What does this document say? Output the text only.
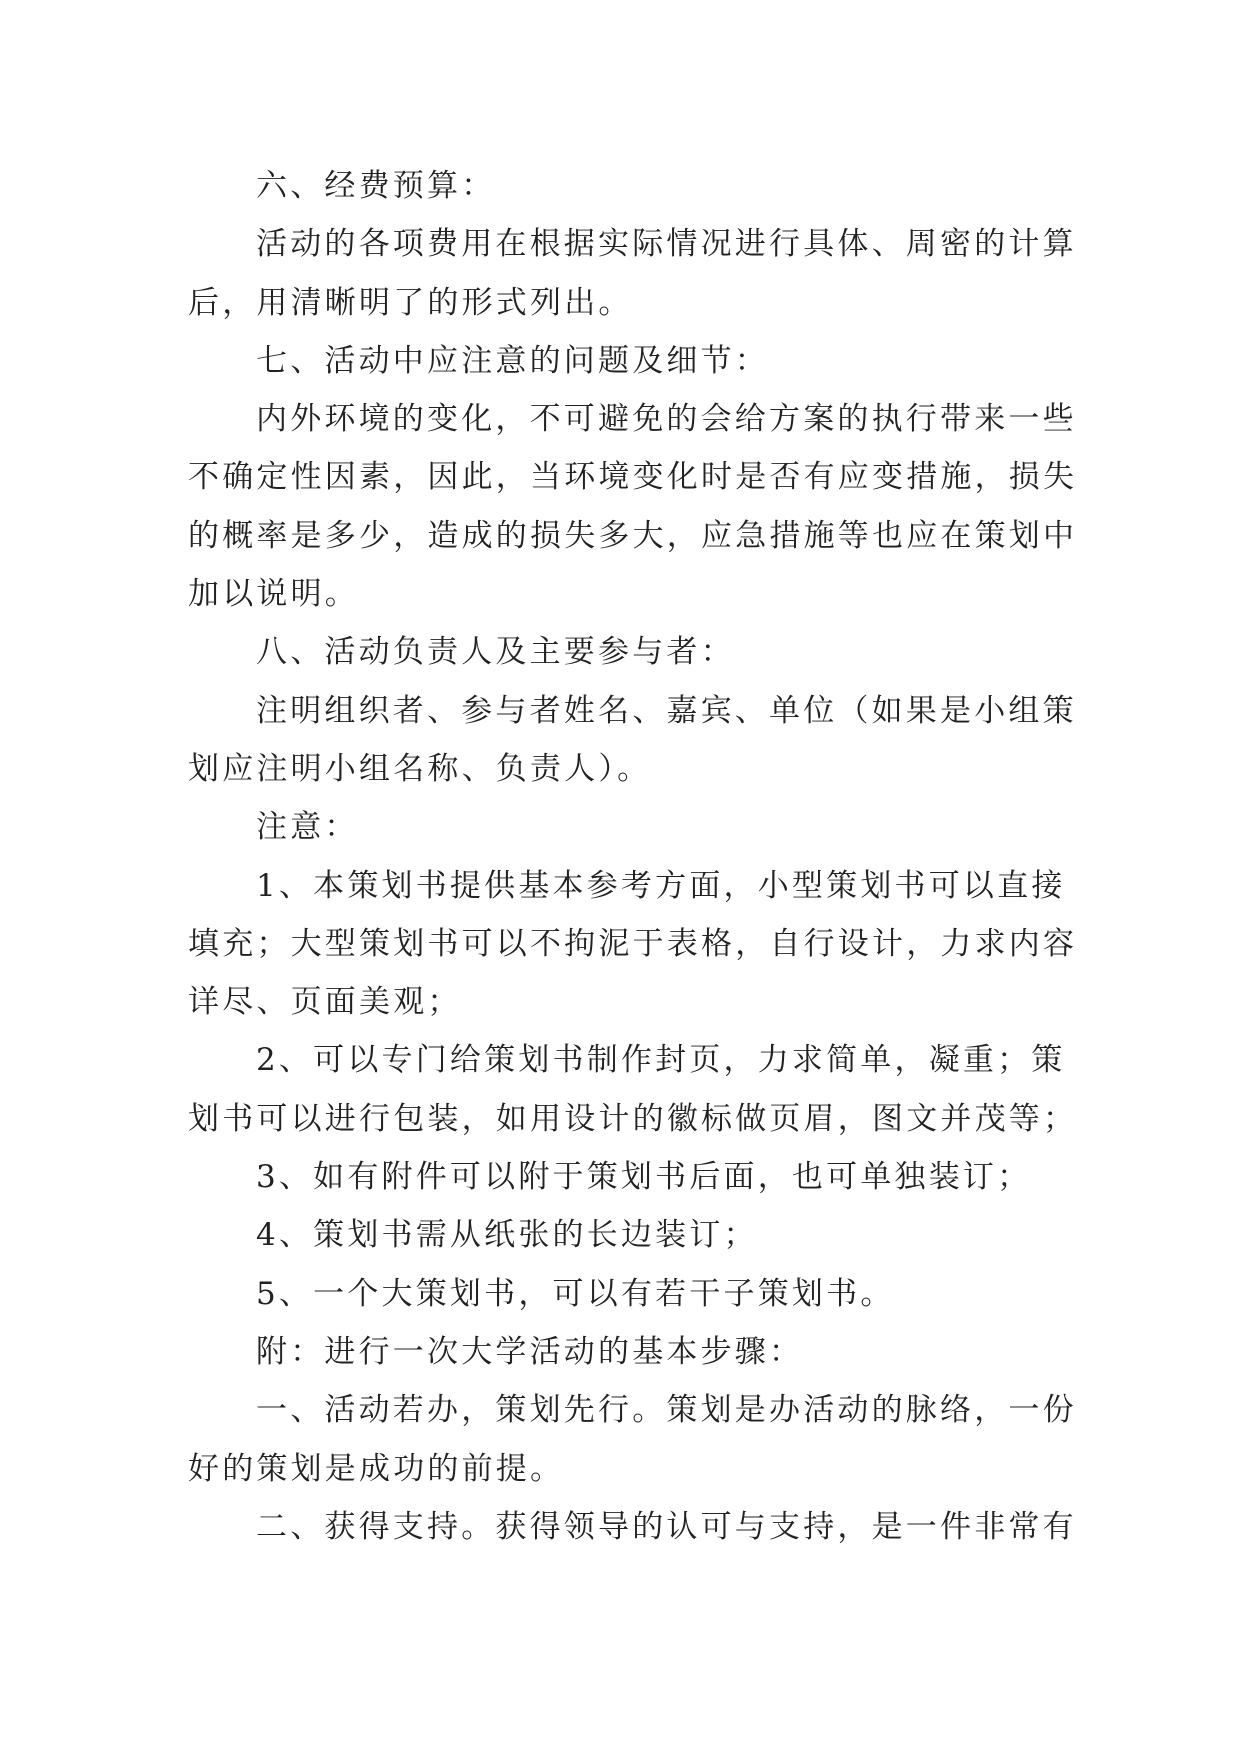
六、经费预算：

活动的各项费用在根据实际情况进行具体、周密的计算

后，用清晰明了的形式列出。

七、活动中应注意的问题及细节：

内外环境的变化，不可避免的会给方案的执行带来一些

不确定性因素，因此，当环境变化时是否有应变措施，损失

的概率是多少，造成的损失多大，应急措施等也应在策划中

加以说明。

八、活动负责人及主要参与者：

注明组织者、参与者姓名、嘉宾、单位（如果是小组策

划应注明小组名称、负责人）。

注意：

1、本策划书提供基本参考方面，小型策划书可以直接

填充；大型策划书可以不拘泥于表格，自行设计，力求内容

详尽、页面美观；

2、可以专门给策划书制作封页，力求简单，凝重；策

划书可以进行包装，如用设计的徽标做页眉，图文并茂等；

3、如有附件可以附于策划书后面，也可单独装订；

4、策划书需从纸张的长边装订；

5、一个大策划书，可以有若干子策划书。

附：进行一次大学活动的基本步骤：

一、活动若办，策划先行。策划是办活动的脉络，一份

好的策划是成功的前提。

二、获得支持。获得领导的认可与支持，是一件非常有
